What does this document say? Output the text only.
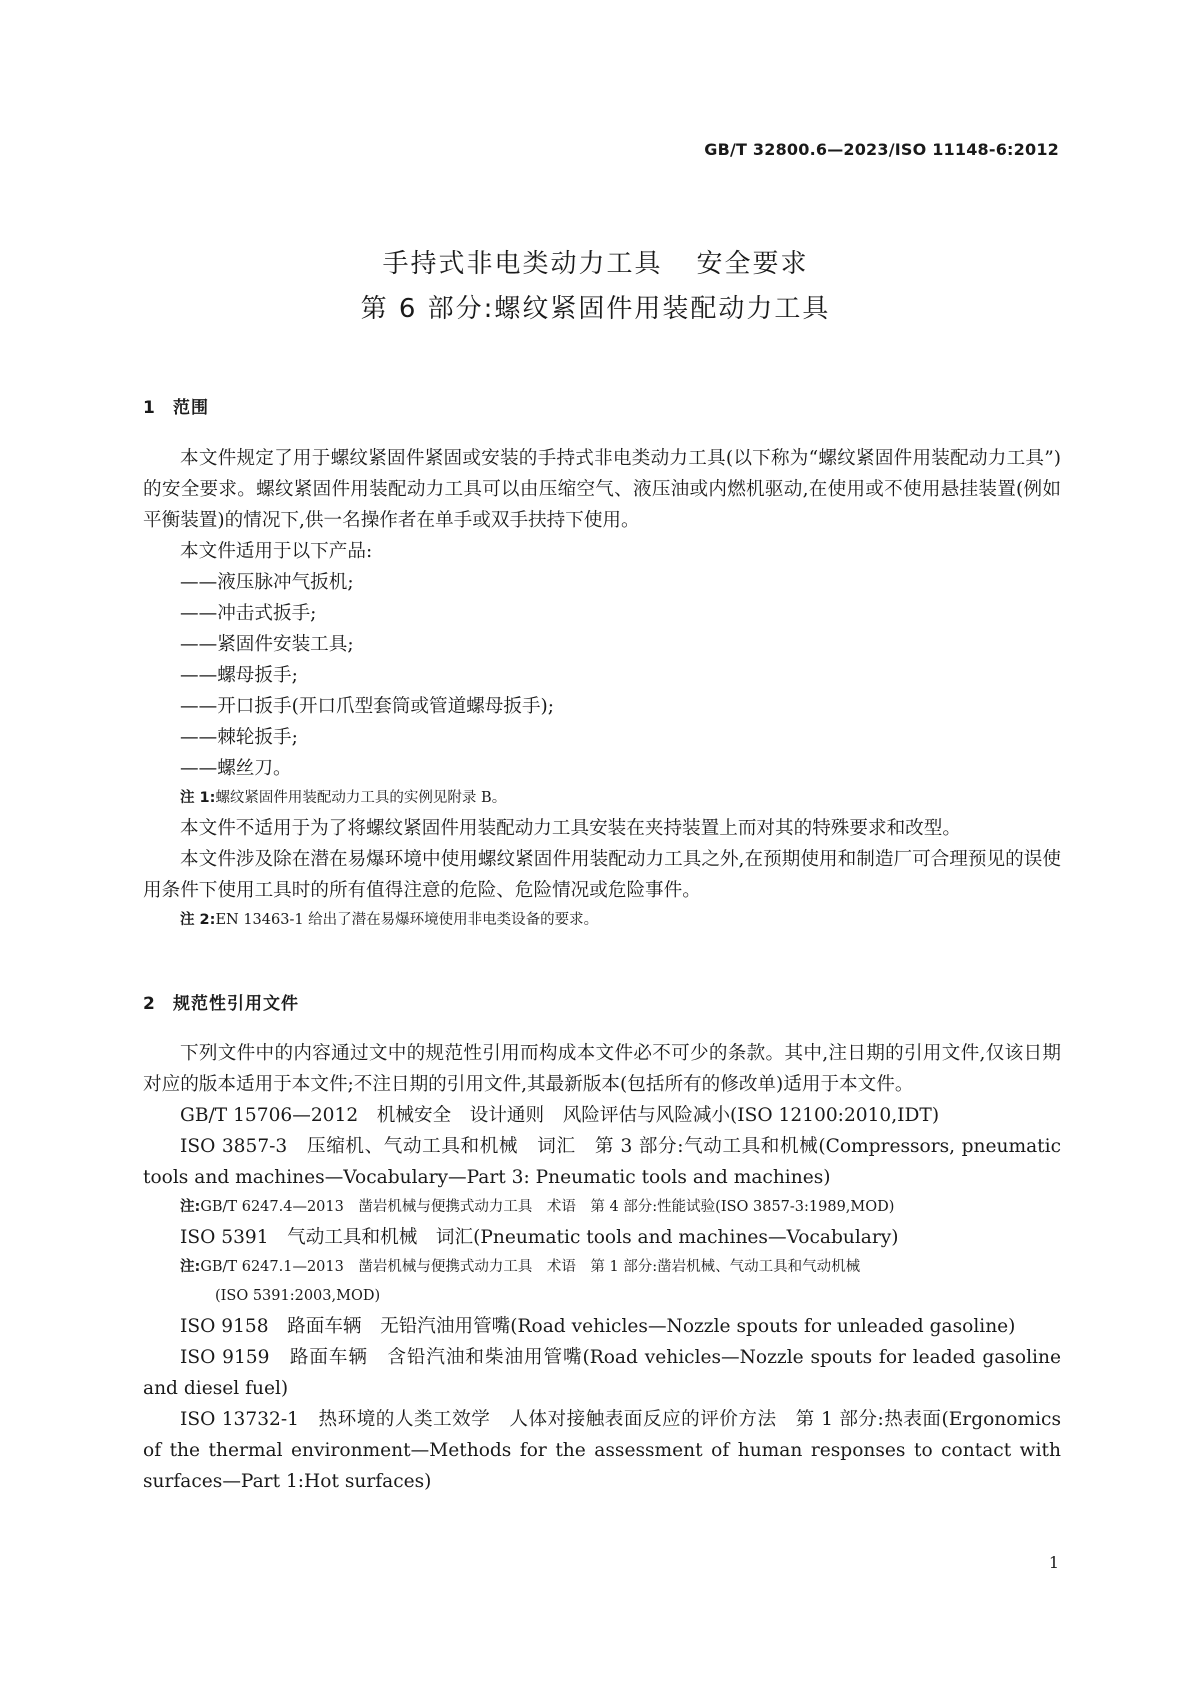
GB/T 32800.6—2023/ISO 11148-6:2012
手持式非电类动力工具 安全要求
第 6 部分:螺纹紧固件用装配动力工具
1 范围

本文件规定了用于螺纹紧固件紧固或安装的手持式非电类动力工具(以下称为“螺纹紧固件用装配动力工具”)的安全要求。螺纹紧固件用装配动力工具可以由压缩空气、液压油或内燃机驱动,在使用或不使用悬挂装置(例如平衡装置)的情况下,供一名操作者在单手或双手扶持下使用。

本文件适用于以下产品:

——液压脉冲气扳机;

——冲击式扳手;

——紧固件安装工具;

——螺母扳手;

——开口扳手(开口爪型套筒或管道螺母扳手);

——棘轮扳手;

——螺丝刀。

注 1:螺纹紧固件用装配动力工具的实例见附录 B。

本文件不适用于为了将螺纹紧固件用装配动力工具安装在夹持装置上而对其的特殊要求和改型。

本文件涉及除在潜在易爆环境中使用螺纹紧固件用装配动力工具之外,在预期使用和制造厂可合理预见的误使用条件下使用工具时的所有值得注意的危险、危险情况或危险事件。

注 2:EN 13463-1 给出了潜在易爆环境使用非电类设备的要求。

2 规范性引用文件

下列文件中的内容通过文中的规范性引用而构成本文件必不可少的条款。其中,注日期的引用文件,仅该日期对应的版本适用于本文件;不注日期的引用文件,其最新版本(包括所有的修改单)适用于本文件。

GB/T 15706—2012　机械安全　设计通则　风险评估与风险减小(ISO 12100:2010,IDT)

ISO 3857-3　压缩机、气动工具和机械　词汇　第 3 部分:气动工具和机械(Compressors, pneumatic tools and machines—Vocabulary—Part 3: Pneumatic tools and machines)

注:GB/T 6247.4—2013　凿岩机械与便携式动力工具　术语　第 4 部分:性能试验(ISO 3857-3:1989,MOD)

ISO 5391　气动工具和机械　词汇(Pneumatic tools and machines—Vocabulary)

注:GB/T 6247.1—2013　凿岩机械与便携式动力工具　术语　第 1 部分:凿岩机械、气动工具和气动机械
(ISO 5391:2003,MOD)

ISO 9158　路面车辆　无铅汽油用管嘴(Road vehicles—Nozzle spouts for unleaded gasoline)

ISO 9159　路面车辆　含铅汽油和柴油用管嘴(Road vehicles—Nozzle spouts for leaded gasoline and diesel fuel)

ISO 13732-1　热环境的人类工效学　人体对接触表面反应的评价方法　第 1 部分:热表面(Ergonomics of the thermal environment—Methods for the assessment of human responses to contact with surfaces—Part 1:Hot surfaces)

1
